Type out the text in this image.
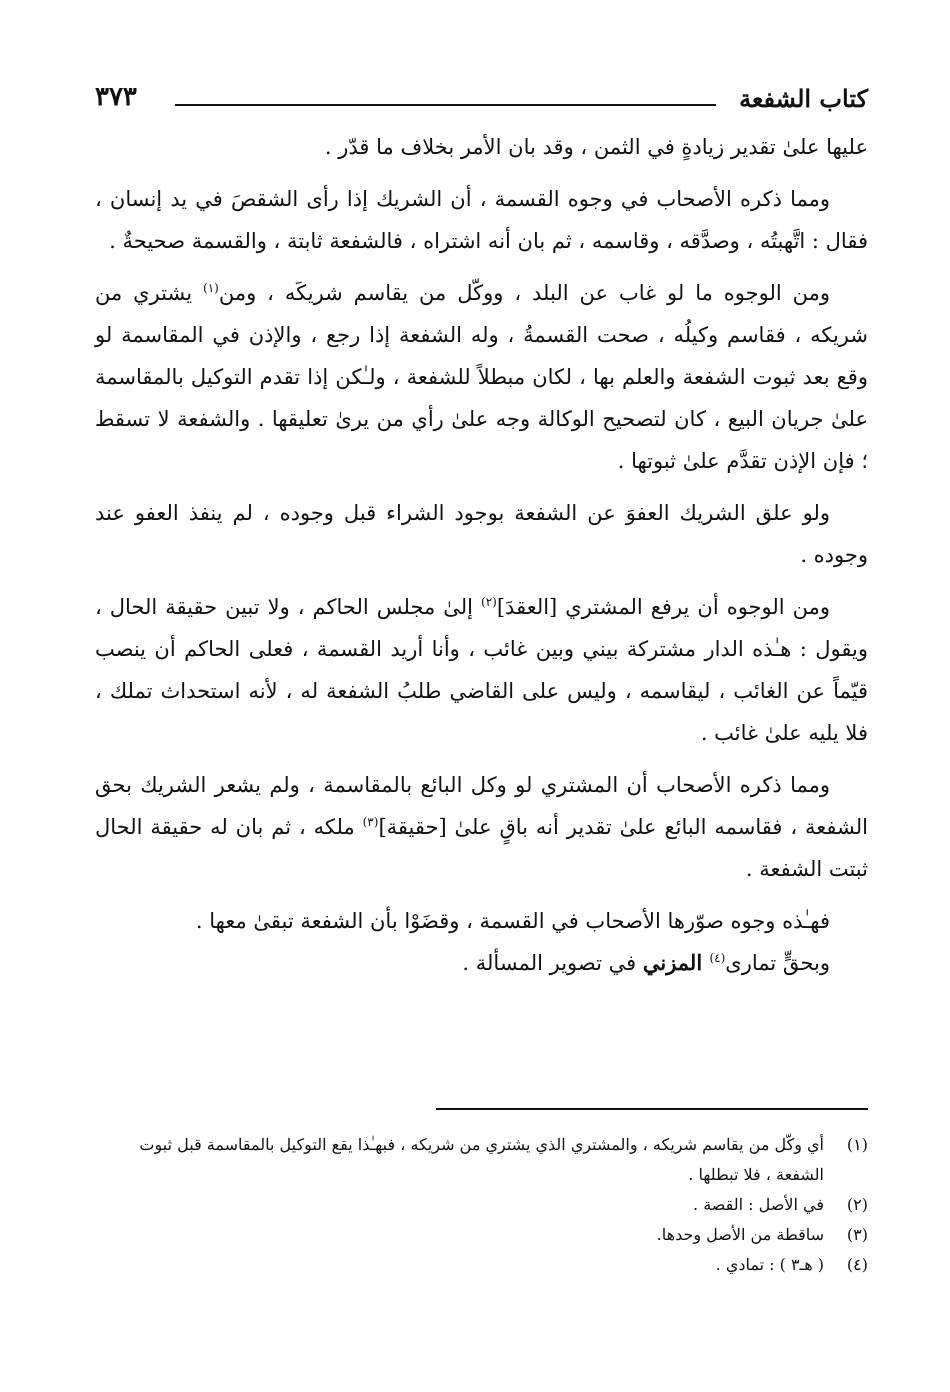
كتاب الشفعة
٣٧٣

عليها علىٰ تقدير زيادةٍ في الثمن ، وقد بان الأمر بخلاف ما قدّر .

ومما ذكره الأصحاب في وجوه القسمة ، أن الشريك إذا رأى الشقصَ في يد إنسان ، فقال : اتَّهبتُه ، وصدَّقه ، وقاسمه ، ثم بان أنه اشتراه ، فالشفعة ثابتة ، والقسمة صحيحةٌ .

ومن الوجوه ما لو غاب عن البلد ، ووكّل من يقاسم شريكَه ، ومن$^{(١)}$ يشتري من شريكه ، فقاسم وكيلُه ، صحت القسمةُ ، وله الشفعة إذا رجع ، والإذن في المقاسمة لو وقع بعد ثبوت الشفعة والعلم بها ، لكان مبطلاً للشفعة ، ولـٰكن إذا تقدم التوكيل بالمقاسمة علىٰ جريان البيع ، كان لتصحيح الوكالة وجه علىٰ رأي من يرىٰ تعليقها . والشفعة لا تسقط ؛ فإن الإذن تقدَّم علىٰ ثبوتها .

ولو علق الشريك العفوَ عن الشفعة بوجود الشراء قبل وجوده ، لم ينفذ العفو عند وجوده .

ومن الوجوه أن يرفع المشتري [العقدَ]$^{(٢)}$ إلىٰ مجلس الحاكم ، ولا تبين حقيقة الحال ، ويقول : هـٰذه الدار مشتركة بيني وبين غائب ، وأنا أريد القسمة ، فعلى الحاكم أن ينصب قيّماً عن الغائب ، ليقاسمه ، وليس على القاضي طلبُ الشفعة له ، لأنه استحداث تملك ، فلا يليه علىٰ غائب .

ومما ذكره الأصحاب أن المشتري لو وكل البائع بالمقاسمة ، ولم يشعر الشريك بحق الشفعة ، فقاسمه البائع علىٰ تقدير أنه باقٍ علىٰ [حقيقة]$^{(٣)}$ ملكه ، ثم بان له حقيقة الحال ثبتت الشفعة .

فهـٰذه وجوه صوّرها الأصحاب في القسمة ، وقضَوْا بأن الشفعة تبقىٰ معها .

وبحقٍّ تمارى$^{(٤)}$ المزني في تصوير المسألة .

(١)
أي وكّل من يقاسم شريكه ، والمشتري الذي يشتري من شريكه ، فبهـٰذا يقع التوكيل بالمقاسمة قبل ثبوت الشفعة ، فلا تبطلها .
(٢)
في الأصل : القصة .
(٣)
ساقطة من الأصل وحدها.
(٤)
( هـ٣ ) : تمادي .
